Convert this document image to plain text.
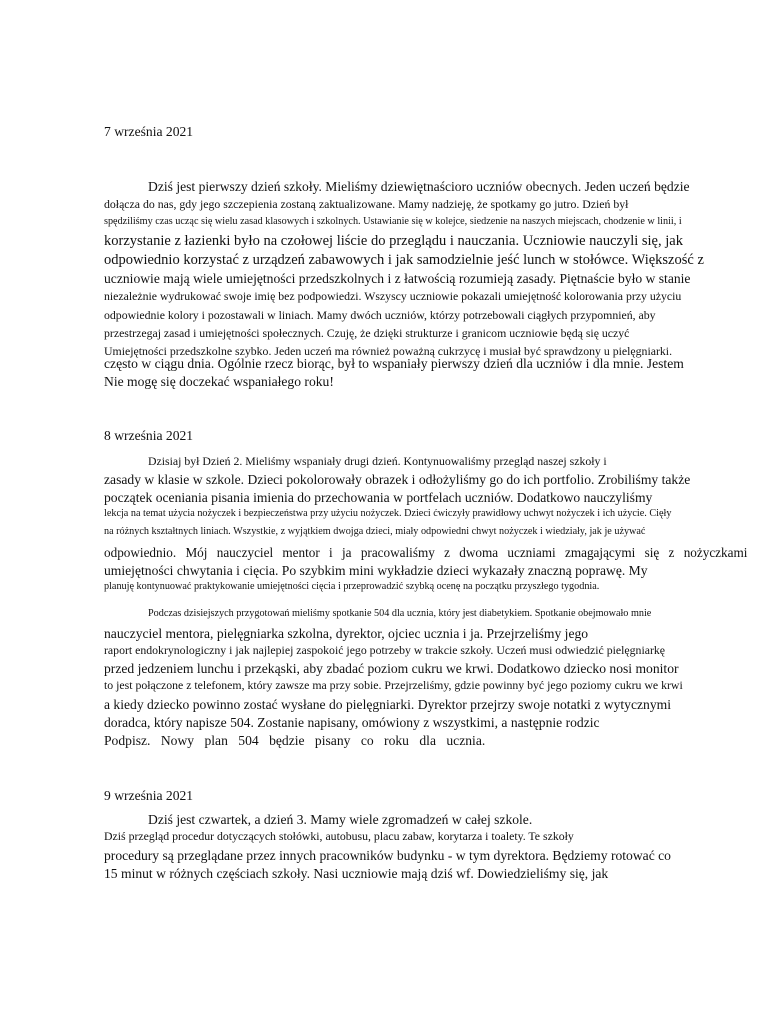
7 września 2021
Dziś jest pierwszy dzień szkoły. Mieliśmy dziewiętnaścioro uczniów obecnych. Jeden uczeń będzie
dołącza do nas, gdy jego szczepienia zostaną zaktualizowane. Mamy nadzieję, że spotkamy go jutro. Dzień był
spędziliśmy czas ucząc się wielu zasad klasowych i szkolnych. Ustawianie się w kolejce, siedzenie na naszych miejscach, chodzenie w linii, i
korzystanie z łazienki było na czołowej liście do przeglądu i nauczania. Uczniowie nauczyli się, jak
odpowiednio korzystać z urządzeń zabawowych i jak samodzielnie jeść lunch w stołówce. Większość z
uczniowie mają wiele umiejętności przedszkolnych i z łatwością rozumieją zasady. Piętnaście było w stanie
niezależnie wydrukować swoje imię bez podpowiedzi. Wszyscy uczniowie pokazali umiejętność kolorowania przy użyciu
odpowiednie kolory i pozostawali w liniach. Mamy dwóch uczniów, którzy potrzebowali ciągłych przypomnień, aby
przestrzegaj zasad i umiejętności społecznych. Czuję, że dzięki strukturze i granicom uczniowie będą się uczyć
Umiejętności przedszkolne szybko. Jeden uczeń ma również poważną cukrzycę i musiał być sprawdzony u pielęgniarki.
często w ciągu dnia. Ogólnie rzecz biorąc, był to wspaniały pierwszy dzień dla uczniów i dla mnie. Jestem
Nie mogę się doczekać wspaniałego roku!
8 września 2021
Dzisiaj był Dzień 2. Mieliśmy wspaniały drugi dzień. Kontynuowaliśmy przegląd naszej szkoły i
zasady w klasie w szkole. Dzieci pokolorowały obrazek i odłożyliśmy go do ich portfolio. Zrobiliśmy także
początek oceniania pisania imienia do przechowania w portfelach uczniów. Dodatkowo nauczyliśmy
lekcja na temat użycia nożyczek i bezpieczeństwa przy użyciu nożyczek. Dzieci ćwiczyły prawidłowy uchwyt nożyczek i ich użycie. Cięły
na różnych kształtnych liniach. Wszystkie, z wyjątkiem dwojga dzieci, miały odpowiedni chwyt nożyczek i wiedziały, jak je używać
odpowiednio. Mój nauczyciel mentor i ja pracowaliśmy z dwoma uczniami zmagającymi się z nożyczkami
umiejętności chwytania i cięcia. Po szybkim mini wykładzie dzieci wykazały znaczną poprawę. My
planuję kontynuować praktykowanie umiejętności cięcia i przeprowadzić szybką ocenę na początku przyszłego tygodnia.
Podczas dzisiejszych przygotowań mieliśmy spotkanie 504 dla ucznia, który jest diabetykiem. Spotkanie obejmowało mnie
nauczyciel mentora, pielęgniarka szkolna, dyrektor, ojciec ucznia i ja. Przejrzeliśmy jego
raport endokrynologiczny i jak najlepiej zaspokoić jego potrzeby w trakcie szkoły. Uczeń musi odwiedzić pielęgniarkę
przed jedzeniem lunchu i przekąski, aby zbadać poziom cukru we krwi. Dodatkowo dziecko nosi monitor
to jest połączone z telefonem, który zawsze ma przy sobie. Przejrzeliśmy, gdzie powinny być jego poziomy cukru we krwi
a kiedy dziecko powinno zostać wysłane do pielęgniarki. Dyrektor przejrzy swoje notatki z wytycznymi
doradca, który napisze 504. Zostanie napisany, omówiony z wszystkimi, a następnie rodzic
Podpisz. Nowy plan 504 będzie pisany co roku dla ucznia.
9 września 2021
Dziś jest czwartek, a dzień 3. Mamy wiele zgromadzeń w całej szkole.
Dziś przegląd procedur dotyczących stołówki, autobusu, placu zabaw, korytarza i toalety. Te szkoły
procedury są przeglądane przez innych pracowników budynku - w tym dyrektora. Będziemy rotować co
15 minut w różnych częściach szkoły. Nasi uczniowie mają dziś wf. Dowiedzieliśmy się, jak
